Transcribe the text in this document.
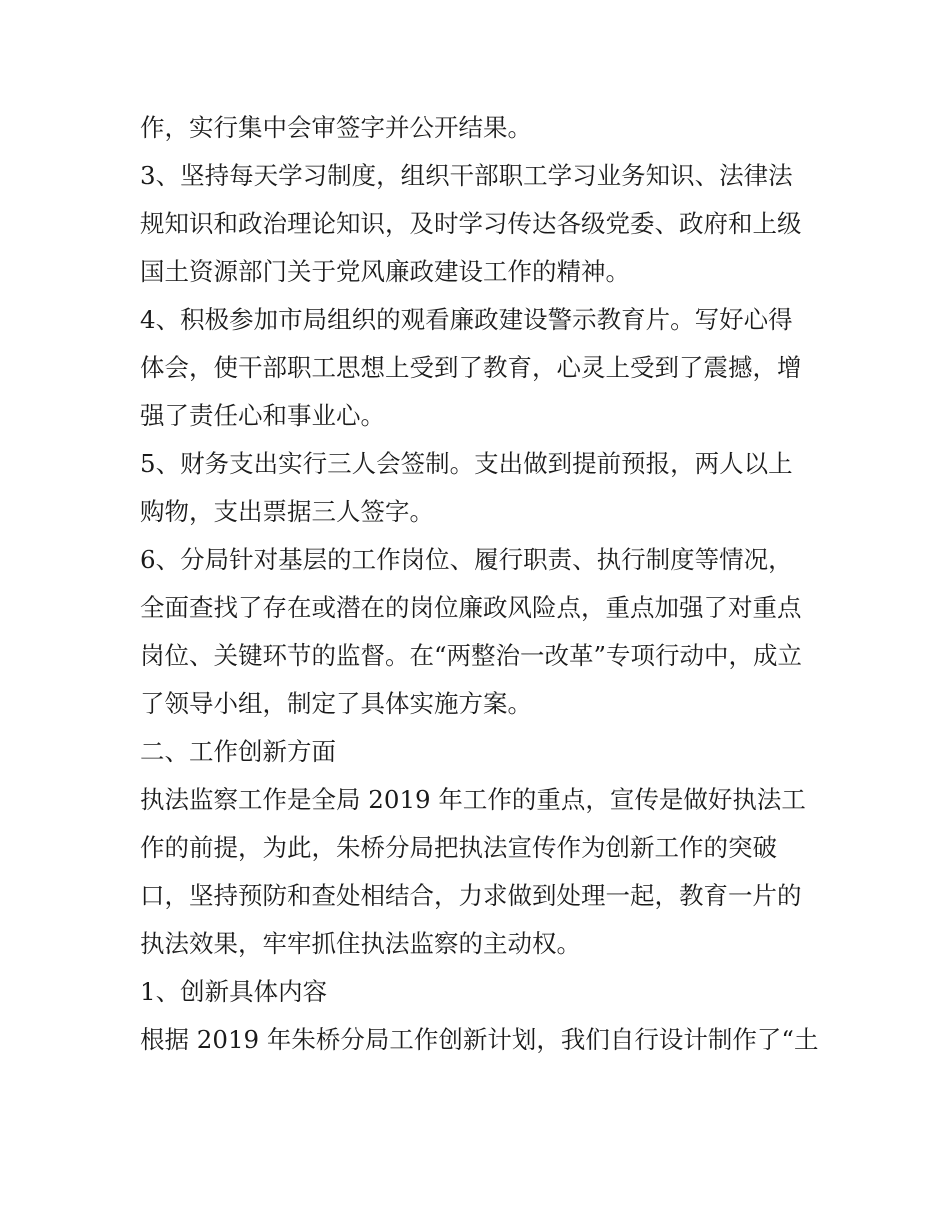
作，实行集中会审签字并公开结果。
3、坚持每天学习制度，组织干部职工学习业务知识、法律法
规知识和政治理论知识，及时学习传达各级党委、政府和上级
国土资源部门关于党风廉政建设工作的精神。
4、积极参加市局组织的观看廉政建设警示教育片。写好心得
体会，使干部职工思想上受到了教育，心灵上受到了震撼，增
强了责任心和事业心。
5、财务支出实行三人会签制。支出做到提前预报，两人以上
购物，支出票据三人签字。
6、分局针对基层的工作岗位、履行职责、执行制度等情况，
全面查找了存在或潜在的岗位廉政风险点，重点加强了对重点
岗位、关键环节的监督。在“两整治一改革”专项行动中，成立
了领导小组，制定了具体实施方案。
二、工作创新方面
执法监察工作是全局 2019 年工作的重点，宣传是做好执法工
作的前提，为此，朱桥分局把执法宣传作为创新工作的突破
口，坚持预防和查处相结合，力求做到处理一起，教育一片的
执法效果，牢牢抓住执法监察的主动权。
1、创新具体内容
根据 2019 年朱桥分局工作创新计划，我们自行设计制作了“土
